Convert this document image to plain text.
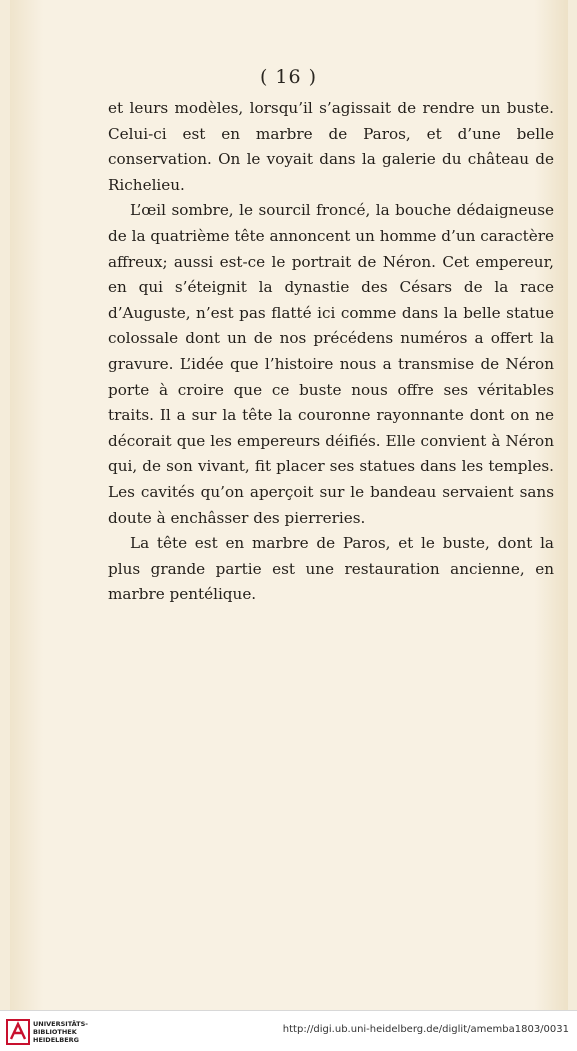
( 16 )

et leurs modèles, lorsqu’il s’agissait de rendre un buste. Celui-ci est en marbre de Paros, et d’une belle conservation. On le voyait dans la galerie du château de Richelieu.

L’œil sombre, le sourcil froncé, la bouche dédaigneuse de la quatrième tête annoncent un homme d’un caractère affreux; aussi est-ce le portrait de Néron. Cet empereur, en qui s’éteignit la dynastie des Césars de la race d’Auguste, n’est pas flatté ici comme dans la belle statue colossale dont un de nos précédens numéros a offert la gravure. L’idée que l’histoire nous a transmise de Néron porte à croire que ce buste nous offre ses véritables traits. Il a sur la tête la couronne rayonnante dont on ne décorait que les empereurs déifiés. Elle convient à Néron qui, de son vivant, fit placer ses statues dans les temples. Les cavités qu’on aperçoit sur le bandeau servaient sans doute à enchâsser des pierreries.

La tête est en marbre de Paros, et le buste, dont la plus grande partie est une restauration ancienne, en marbre pentélique.

UNIVERSITÄTS-
BIBLIOTHEK
HEIDELBERG
http://digi.ub.uni-heidelberg.de/diglit/amemba1803/0031
